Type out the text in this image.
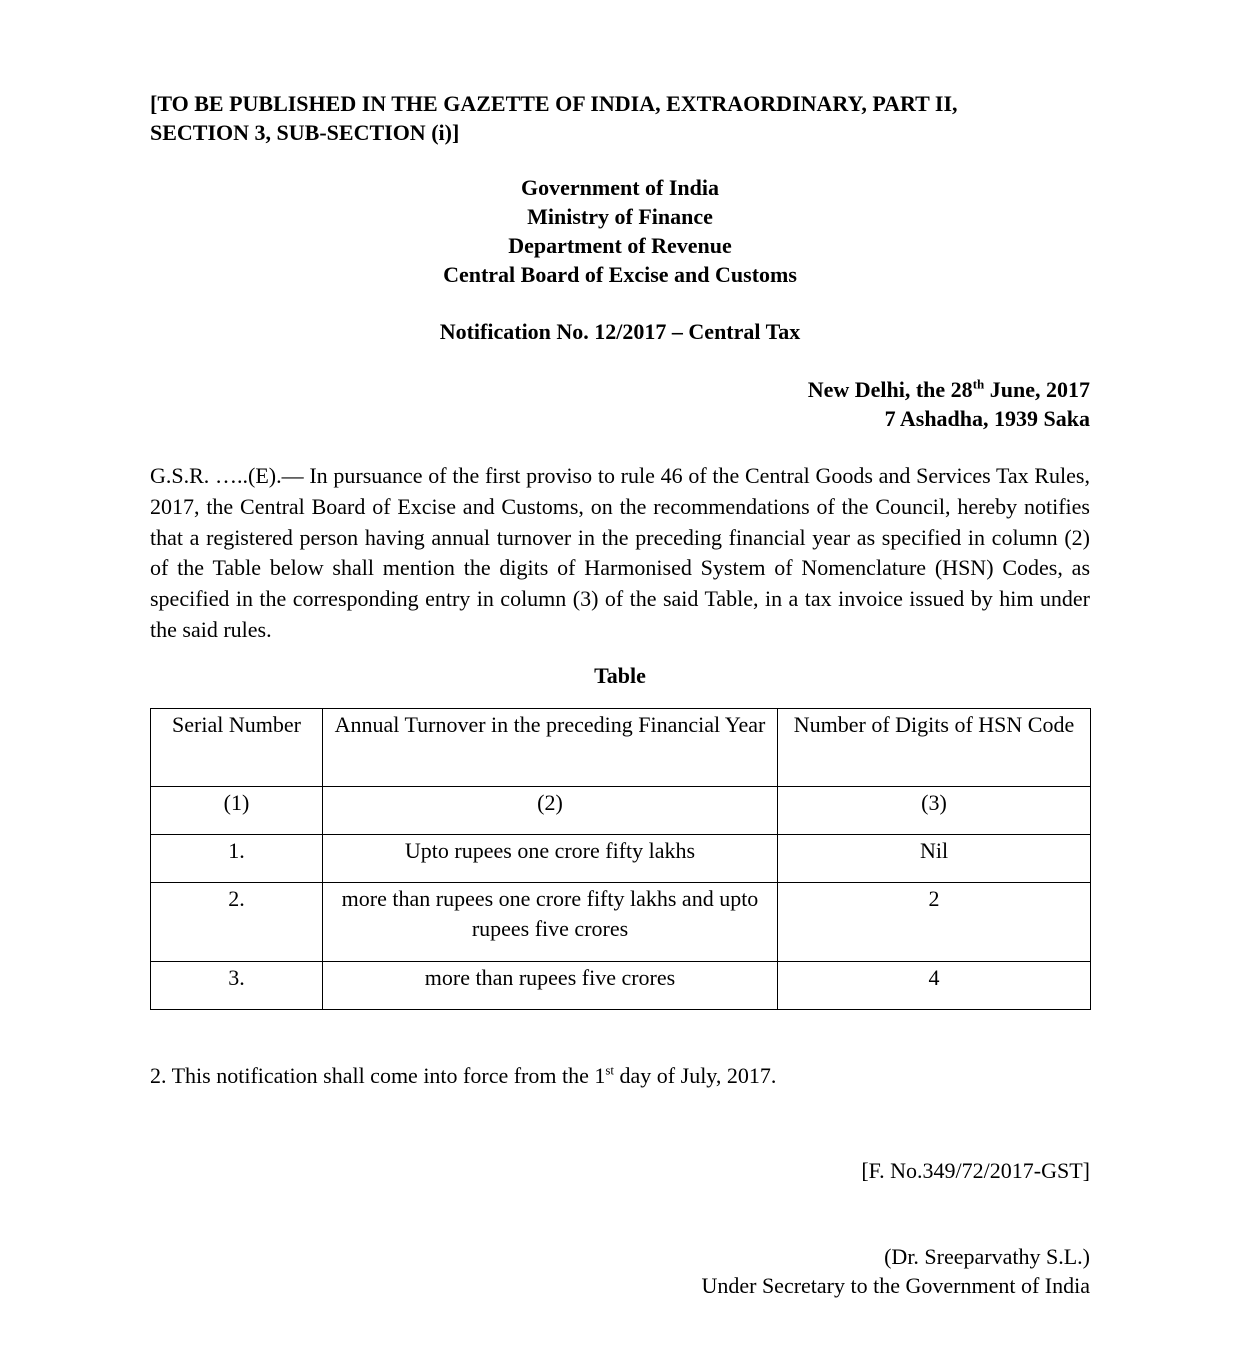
[TO BE PUBLISHED IN THE GAZETTE OF INDIA, EXTRAORDINARY, PART II,
SECTION 3, SUB-SECTION (i)]
Government of India
Ministry of Finance
Department of Revenue
Central Board of Excise and Customs
Notification No. 12/2017 – Central Tax
New Delhi, the 28th June, 2017
7 Ashadha, 1939 Saka
G.S.R. …..(E).— In pursuance of the first proviso to rule 46 of the Central Goods and Services Tax Rules, 2017, the Central Board of Excise and Customs, on the recommendations of the Council, hereby notifies that a registered person having annual turnover in the preceding financial year as specified in column (2) of the Table below shall mention the digits of Harmonised System of Nomenclature (HSN) Codes, as specified in the corresponding entry in column (3) of the said Table, in a tax invoice issued by him under the said rules.
Table
Serial Number	Annual Turnover in the preceding Financial Year	Number of Digits of HSN Code
(1)	(2)	(3)
1.	Upto rupees one crore fifty lakhs	Nil
2.	more than rupees one crore fifty lakhs and upto rupees five crores	2
3.	more than rupees five crores	4
2. This notification shall come into force from the 1st day of July, 2017.
[F. No.349/72/2017-GST]
(Dr. Sreeparvathy S.L.)
Under Secretary to the Government of India
